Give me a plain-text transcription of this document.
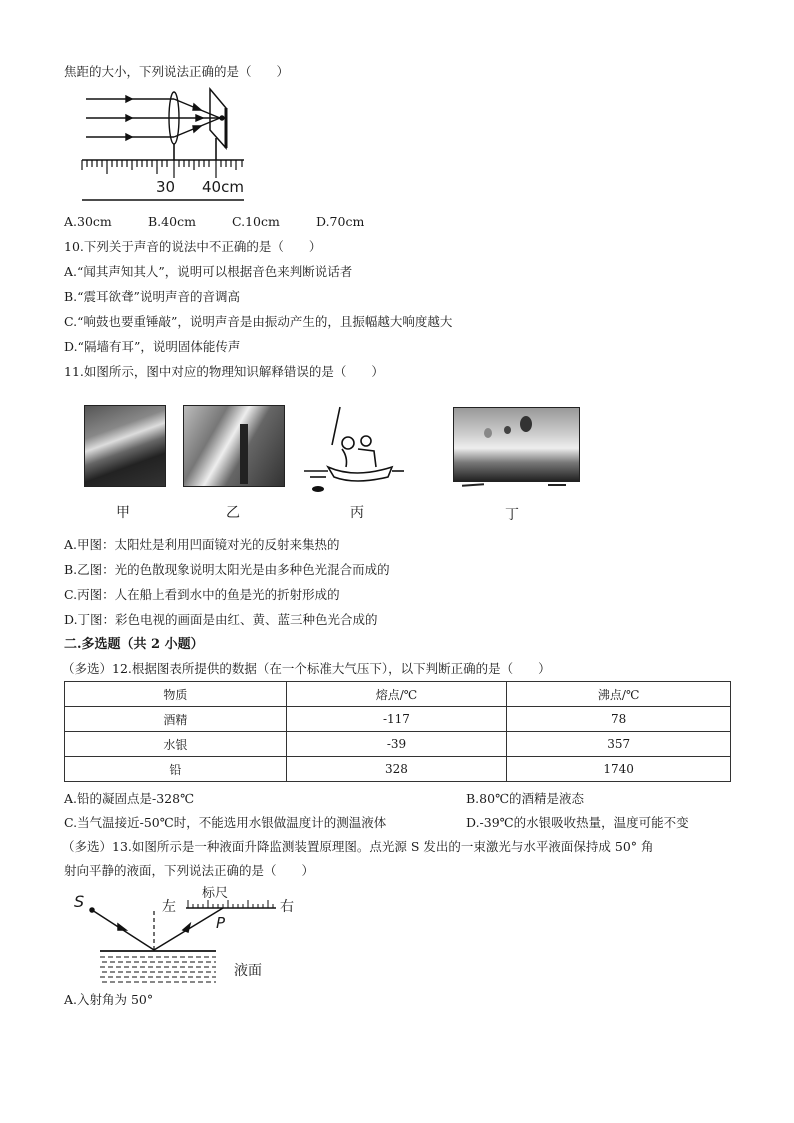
焦距的大小，下列说法正确的是（　　）
30 40cm
A.30cm	B.40cm	C.10cm	D.70cm
10.下列关于声音的说法中不正确的是（　　）
A.“闻其声知其人”，说明可以根据音色来判断说话者
B.“震耳欲聋”说明声音的音调高
C.“响鼓也要重锤敲”，说明声音是由振动产生的，且振幅越大响度越大
D.“隔墙有耳”，说明固体能传声
11.如图所示，图中对应的物理知识解释错误的是（　　）
甲	乙	丙	丁
A.甲图：太阳灶是利用凹面镜对光的反射来集热的
B.乙图：光的色散现象说明太阳光是由多种色光混合而成的
C.丙图：人在船上看到水中的鱼是光的折射形成的
D.丁图：彩色电视的画面是由红、黄、蓝三种色光合成的
二.多选题（共 2 小题）
（多选）12.根据图表所提供的数据（在一个标准大气压下），以下判断正确的是（　　）
物质	熔点/℃	沸点/℃
酒精	-117	78
水银	-39	357
铅	328	1740
A.铅的凝固点是-328℃	B.80℃的酒精是液态
C.当气温接近-50℃时，不能选用水银做温度计的测温液体	D.-39℃的水银吸收热量，温度可能不变
（多选）13.如图所示是一种液面升降监测装置原理图。点光源 S 发出的一束激光与水平液面保持成 50° 角
射向平静的液面，下列说法正确的是（　　）
S	左
标尺
右
P
液面
A.入射角为 50°
